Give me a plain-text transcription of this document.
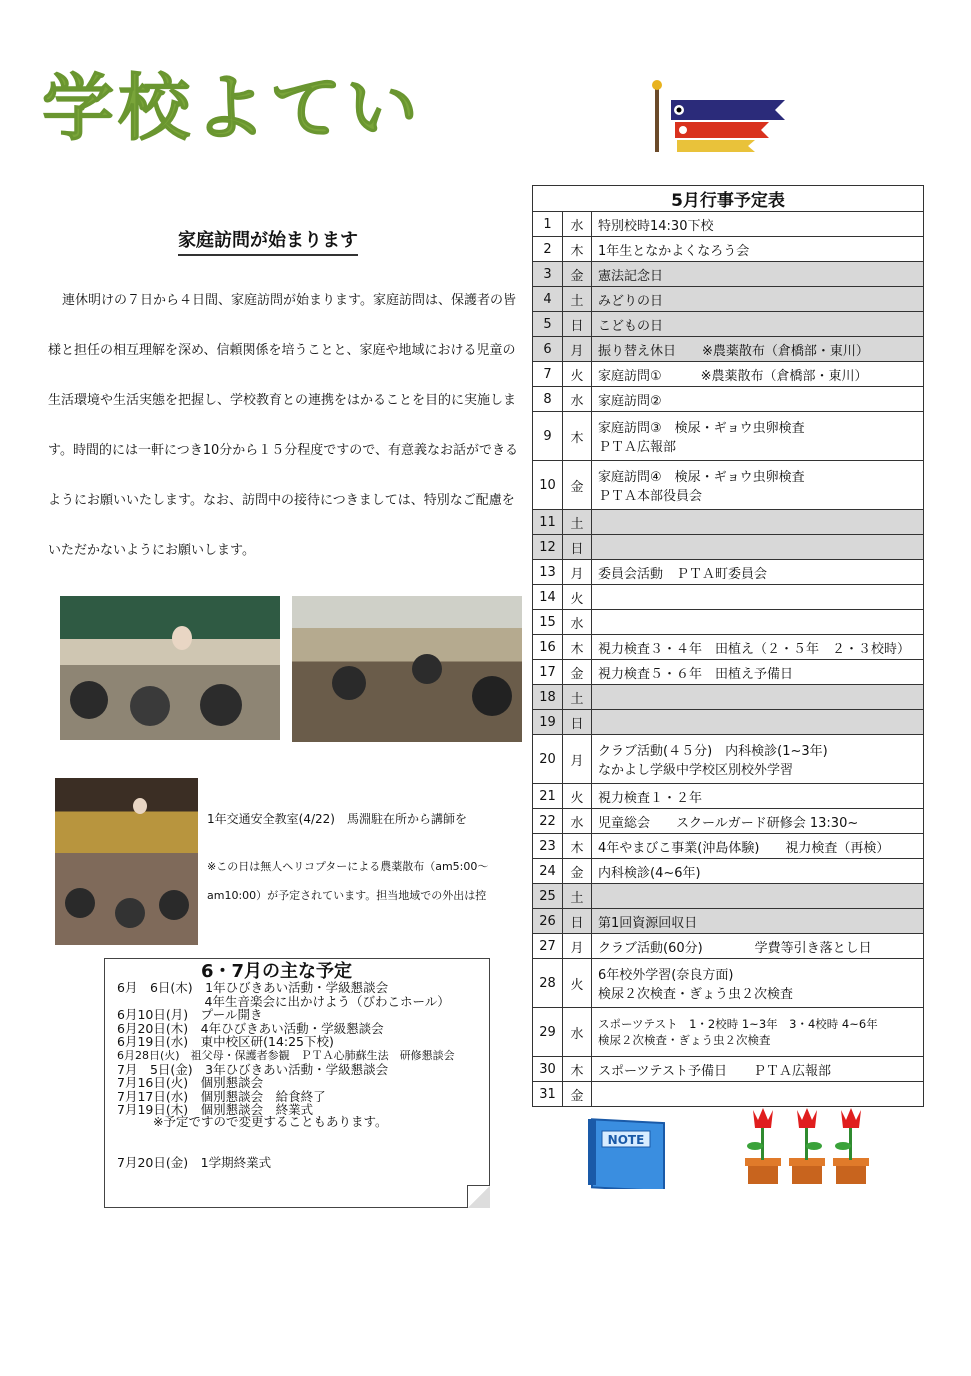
学校よてい
家庭訪問が始まります

連休明けの７日から４日間、家庭訪問が始まります。家庭訪問は、保護者の皆様と担任の相互理解を深め、信頼関係を培うことと、家庭や地域における児童の生活環境や生活実態を把握し、学校教育との連携をはかることを目的に実施します。時間的には一軒につき10分から１５分程度ですので、有意義なお話ができるようにお願いいたします。なお、訪問中の接待につきましては、特別なご配慮をいただかないようにお願いします。

1年交通安全教室(4/22)　馬淵駐在所から講師を
※この日は無人ヘリコプターによる農薬散布（am5:00～
am10:00）が予定されています。担当地域での外出は控
6・7月の主な予定
6月　6日(木)　1年ひびきあい活動・学級懇談会
　　　　　　　4年生音楽会に出かけよう（びわこホール）
6月10日(月)　プール開き
6月20日(木)　4年ひびきあい活動・学級懇談会
6月19日(水)　東中校区研(14:25下校)
6月28日(火)　祖父母・保護者参観　ＰＴＡ心肺蘇生法　研修懇談会
7月　5日(金)　3年ひびきあい活動・学級懇談会
7月16日(火)　個別懇談会
7月17日(水)　個別懇談会　給食終了
7月19日(木)　個別懇談会　終業式
※予定ですので変更することもあります。
7月20日(金)　1学期終業式
5月行事予定表		
1	水	特別校時14:30下校

2	木	1年生となかよくなろう会

3	金	憲法記念日

4	土	みどりの日

5	日	こどもの日

6	月	振り替え休日　　※農薬散布（倉橋部・東川）

7	火	家庭訪問①　　　※農薬散布（倉橋部・東川）

8	水	家庭訪問②

9	木	家庭訪問③　検尿・ギョウ虫卵検査
ＰＴＡ広報部

10	金	家庭訪問④　検尿・ギョウ虫卵検査
ＰＴＡ本部役員会

11	土	

12	日	

13	月	委員会活動　ＰＴＡ町委員会

14	火	

15	水	

16	木	視力検査３・４年　田植え（２・５年　２・３校時）

17	金	視力検査５・６年　田植え予備日

18	土	

19	日	

20	月	クラブ活動(４５分)　内科検診(1~3年)
なかよし学級中学校区別校外学習

21	火	視力検査１・２年

22	水	児童総会　　スクールガード研修会 13:30~

23	木	4年やまびこ事業(沖島体験)　　視力検査（再検）

24	金	内科検診(4~6年)

25	土	

26	日	第1回資源回収日

27	月	クラブ活動(60分)　　　　学費等引き落とし日

28	火	6年校外学習(奈良方面)
検尿２次検査・ぎょう虫２次検査

29	水	スポーツテスト　1・2校時 1~3年　3・4校時 4~6年
検尿２次検査・ぎょう虫２次検査

30	木	スポーツテスト予備日　　ＰＴＡ広報部

31	金	
NOTE
